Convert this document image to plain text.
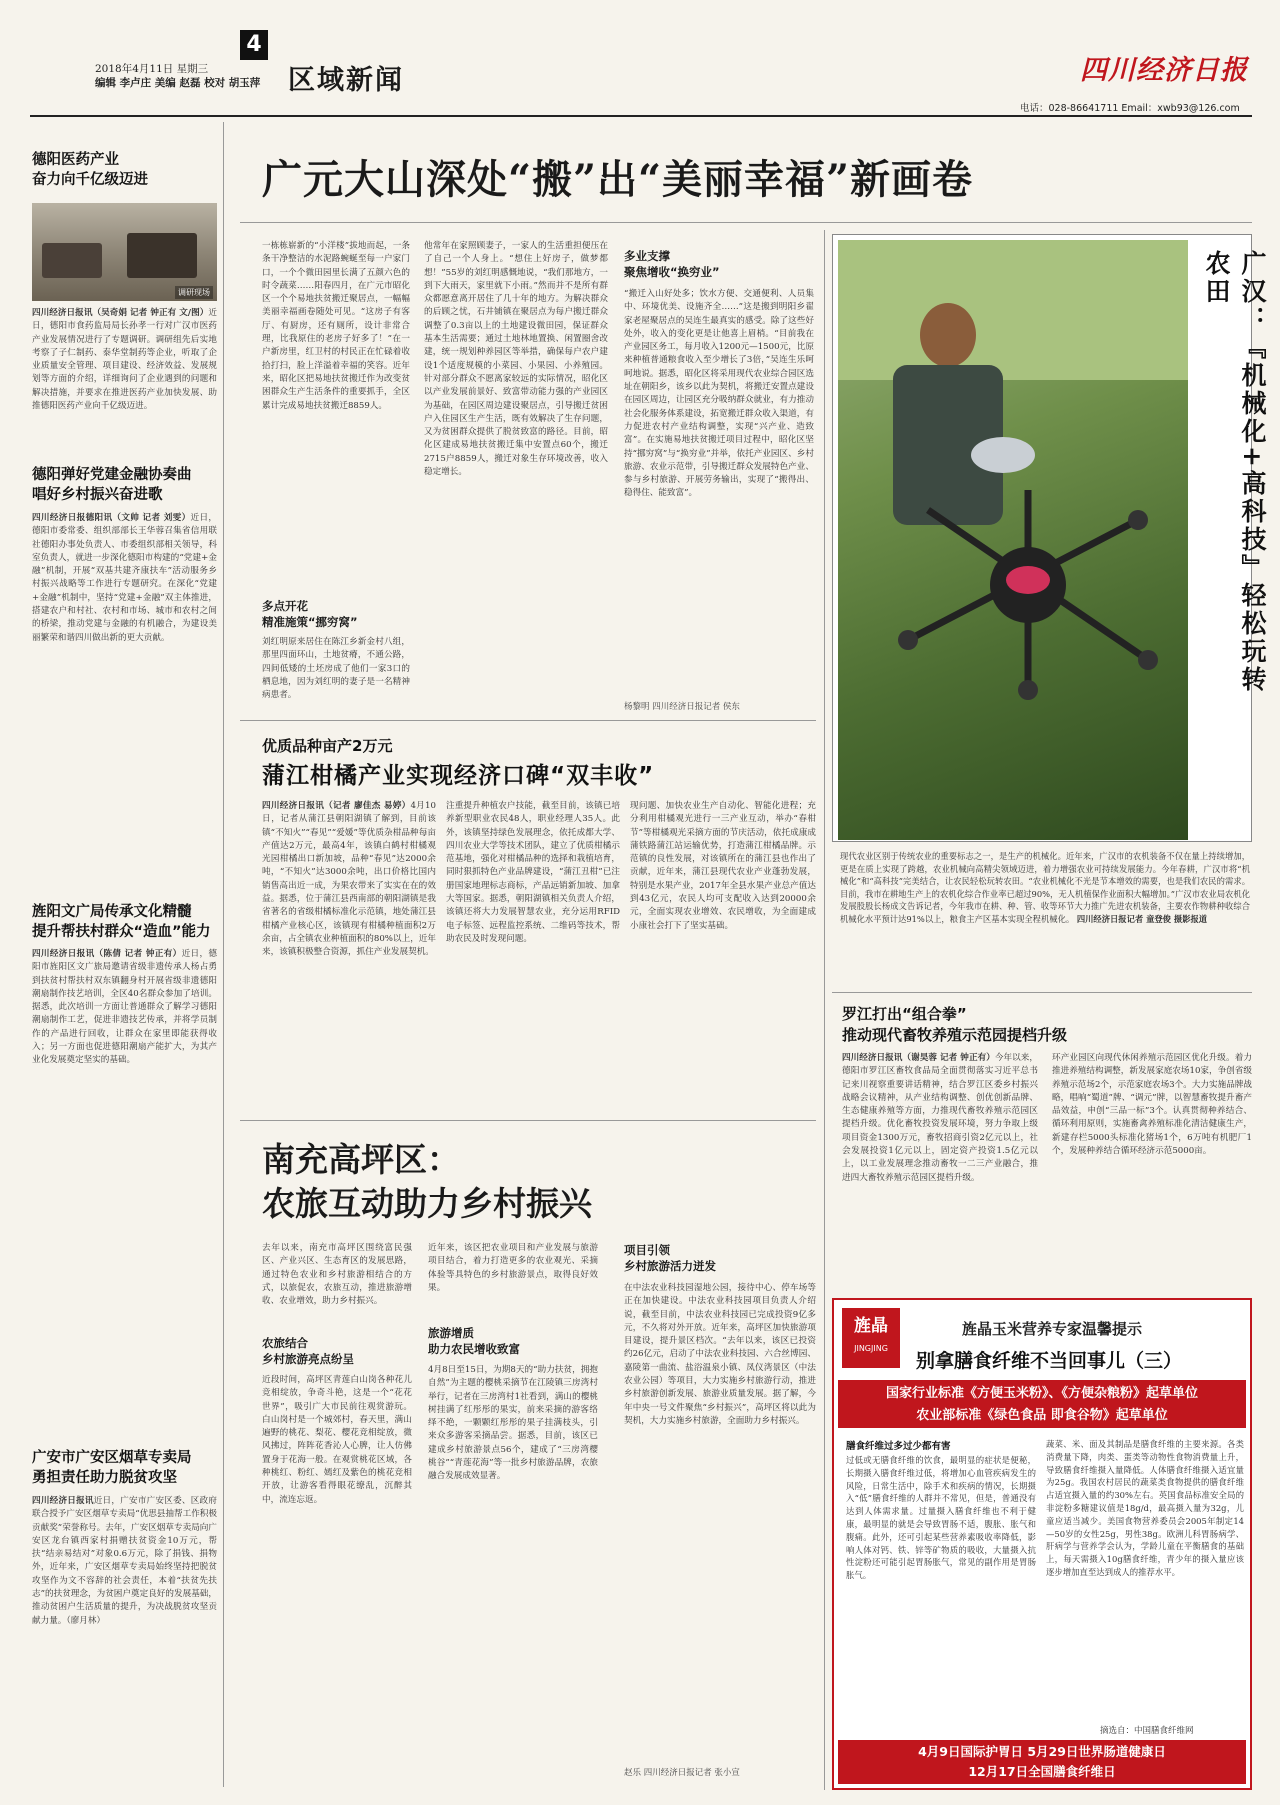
4
2018年4月11日 星期三
编辑 李卢庄 美编 赵磊 校对 胡玉萍 区域新闻	四川经济日报
电话：028-86641711 Email：xwb93@126.com
德阳医药产业
奋力向千亿级迈进
调研现场
四川经济日报讯（吴奇娟 记者 钟正有 文/图）近日，德阳市食药监局局长孙孝一行对广汉市医药产业发展情况进行了专题调研。调研组先后实地考察了子仁制药、泰华堂制药等企业，听取了企业质量安全管理、项目建设、经济效益、发展规划等方面的介绍，详细询问了企业遇到的问题和解决措施，并要求在推进医药产业加快发展、助推德阳医药产业向千亿级迈进。
德阳弹好党建金融协奏曲
唱好乡村振兴奋进歌
四川经济日报德阳讯（文帅 记者 刘雯）近日，德阳市委常委、组织部部长王华蓉召集省信用联社德阳办事处负责人、市委组织部相关领导，科室负责人，就进一步深化德阳市构建的“党建+金融”机制，开展“双基共建齐康扶车”活动服务乡村振兴战略等工作进行专题研究。在深化“党建+金融”机制中，坚持“党建+金融”双主体推进，搭建农户和村社、农村和市场、城市和农村之间的桥梁，推动党建与金融的有机融合，为建设美丽繁荣和谐四川做出新的更大贡献。
旌阳文广局传承文化精髓
提升帮扶村群众“造血”能力
四川经济日报讯（陈倩 记者 钟正有）近日，德阳市旌阳区文广旅局邀请省级非遗传承人杨占勇到扶贫村帮扶村双东镇翻身村开展省级非遗德阳潮扇制作技艺培训，全区40名群众参加了培训。据悉，此次培训一方面让普通群众了解学习德阳潮扇制作工艺，促进非遗技艺传承，并将学员制作的产品进行回收，让群众在家里即能获得收入；另一方面也促进德阳潮扇产能扩大，为其产业化发展奠定坚实的基础。
广安市广安区烟草专卖局
勇担责任助力脱贫攻坚
四川经济日报讯近日，广安市广安区委、区政府联合授予广安区烟草专卖局“优思县抽帮工作积极贡献奖”荣誉称号。去年，广安区烟草专卖局向广安区龙台镇西家村捐赠扶贫资金10万元，帮扶“结亲易结对”对象0.6万元，除了捐钱、捐物外，近年来，广安区烟草专卖局始终坚持把脱贫攻坚作为文不容辞的社会责任，本着“扶贫先扶志”的扶贫理念，为贫困户奠定良好的发展基础，推动贫困户生活质量的提升，为决战脱贫攻坚贡献力量。（廖月林）
广元大山深处“搬”出“美丽幸福”新画卷
一栋栋崭新的“小洋楼”拔地而起，一条条干净整洁的水泥路蜿蜒至每一户家门口，一个个微田园里长满了五颜六色的时令蔬菜……阳春四月，在广元市昭化区一个个易地扶贫搬迁聚居点，一幅幅美丽幸福画卷随处可见。“这房子有客厅、有厨房，还有厕所，设计非常合理，比我原住的老房子好多了！”在一户新房里，红卫村的村民正在忙碌着收拾打扫，脸上洋溢着幸福的笑容。近年来，昭化区把易地扶贫搬迁作为改变贫困群众生产生活条件的重要抓手，全区累计完成易地扶贫搬迁8859人。
多点开花
精准施策“挪穷窝”
刘红明原来居住在陈江乡新金村八组，那里四面环山，土地贫瘠，不通公路，四间低矮的土坯房成了他们一家3口的栖息地，因为刘红明的妻子是一名精神病患者。
他常年在家照顾妻子，一家人的生活重担便压在了自己一个人身上。“想住上好房子，做梦都想！”55岁的刘红明感慨地说，“我们那地方，一到下大雨天，家里就下小雨。”然而并不是所有群众都愿意离开居住了几十年的地方。为解决群众的后顾之忧，石井铺镇在聚居点为每户搬迁群众调整了0.3亩以上的土地建设微田园，保证群众基本生活需要；通过土地林地置换、闲置圈舍改建，统一规划种养园区等举措，确保每户农户建设1个适度规模的小菜园、小果园、小养殖园。针对部分群众不愿离家较远的实际情况，昭化区以产业发展前景好、致富带动能力强的产业园区为基础，在园区周边建设聚居点，引导搬迁贫困户入住园区生产生活，既有效解决了生存问题，又为贫困群众提供了脱贫致富的路径。目前，昭化区建成易地扶贫搬迁集中安置点60个，搬迁2715户8859人，搬迁对象生存环境改善，收入稳定增长。
多业支撑
聚焦增收“换穷业”
“搬迁入山好处多；饮水方便、交通便利、人员集中、环境优美、设施齐全……”这是搬到明阳乡翟家老屋聚居点的吴连生最真实的感受。除了这些好处外，收入的变化更是让他喜上眉梢。“目前我在产业园区务工，每月收入1200元—1500元，比原来种植普通粮食收入至少增长了3倍，”吴连生乐呵呵地说。据悉，昭化区将采用现代农业综合园区选址在朝阳乡，该乡以此为契机，将搬迁安置点建设在园区周边，让园区充分吸纳群众就业，有力推动社会化服务体系建设，拓宽搬迁群众收入渠道，有力促进农村产业结构调整，实现“兴产业、造致富”。在实施易地扶贫搬迁项目过程中，昭化区坚持“挪穷窝”与“换穷业”并举，依托产业园区、乡村旅游、农业示范带，引导搬迁群众发展特色产业、参与乡村旅游、开展劳务输出，实现了“搬得出、稳得住、能致富”。
杨黎明 四川经济日报记者 侯东
优质品种亩产2万元
蒲江柑橘产业实现经济口碑“双丰收”
四川经济日报讯（记者 廖佳杰 易婷）4月10日，记者从蒲江县朝阳湖镇了解到，目前该镇“不知火”“春见”“爱媛”等优质杂柑品种每亩产值达2万元，最高4年，该镇白鹤村柑橘观光园柑橘出口新加坡，品种“春见”达2000余吨，“不知火”达3000余吨，出口价格比国内销售高出近一成，为果农带来了实实在在的效益。据悉，位于蒲江县西南部的朝阳湖镇是我省著名的省级柑橘标准化示范镇，地处蒲江县柑橘产业核心区，该镇现有柑橘种植面积2万余亩，占全镇农业种植面积的80%以上，近年来，该镇积极整合资源，抓住产业发展契机。
注重提升种植农户技能，截至目前，该镇已培养新型职业农民48人，职业经理人35人。此外，该镇坚持绿色发展理念，依托成都大学、四川农业大学等技术团队，建立了优质柑橘示范基地，强化对柑橘品种的选择和栽植培育，同时狠抓特色产业品牌建设，“蒲江丑柑”已注册国家地理标志商标，产品远销新加坡、加拿大等国家。据悉，朝阳湖镇相关负责人介绍，该镇还将大力发展智慧农业，充分运用RFID电子标签、远程监控系统、二维码等技术，帮助农民及时发现问题。
现问题、加快农业生产自动化、智能化进程；充分利用柑橘观光进行一三产业互动，举办“春柑节”等柑橘观光采摘方面的节庆活动，依托成康成蒲铁路蒲江站运输优势，打造蒲江柑橘品牌。示范镇的良性发展，对该镇所在的蒲江县也作出了贡献，近年来，蒲江县现代农业产业蓬勃发展，特别是水果产业，2017年全县水果产业总产值达到43亿元，农民人均可支配收入达到20000余元，全面实现农业增效、农民增收，为全面建成小康社会打下了坚实基础。
南充高坪区：
农旅互动助力乡村振兴
去年以来，南充市高坪区围绕富民强区、产业兴区、生态育区的发展思路，通过特色农业和乡村旅游相结合的方式，以旅促农，农旅互动，推进旅游增收、农业增效，助力乡村振兴。
农旅结合
乡村旅游亮点纷呈
近段时间，高坪区青莲白山岗各种花儿竞相绽放，争奇斗艳，这是一个“花花世界”，吸引广大市民前往观赏游玩。白山岗村是一个城郊村，春天里，满山遍野的桃花、梨花、樱花竞相绽放，微风拂过，阵阵花香沁人心脾，让人仿佛置身于花海一般。在观赏桃花区域，各种桃红、粉红、嫣红及紫色的桃花竞相开放，让游客看得眼花缭乱，沉醉其中，流连忘返。
近年来，该区把农业项目和产业发展与旅游项目结合，着力打造更多的农业观光、采摘体验等具特色的乡村旅游景点，取得良好效果。
旅游增质
助力农民增收致富
4月8日至15日，为期8天的“助力扶贫，拥抱自然”为主题的樱桃采摘节在江陵镇三房湾村举行，记者在三房湾村1社看到，满山的樱桃树挂满了红彤彤的果实，前来采摘的游客络绎不绝，一颗颗红彤彤的果子挂满枝头，引来众多游客采摘品尝。据悉，目前，该区已建成乡村旅游景点56个，建成了“三房湾樱桃谷”“青莲花海”等一批乡村旅游品牌，农旅融合发展成效显著。
项目引领
乡村旅游活力迸发
在中法农业科技园湿地公园，接待中心、停车场等正在加快建设。中法农业科技园项目负责人介绍说，截至目前，中法农业科技园已完成投资9亿多元，不久将对外开放。近年来，高坪区加快旅游项目建设，提升景区档次。“去年以来，该区已投资约26亿元，启动了中法农业科技园、六合丝博园、嘉陵第一曲流、盐浴温泉小镇、凤仪湾景区（中法农业公园）等项目，大力实施乡村旅游行动，推进乡村旅游创新发展、旅游业质量发展。据了解，今年中央一号文件聚焦“乡村振兴”，高坪区将以此为契机，大力实施乡村旅游，全面助力乡村振兴。
赵乐 四川经济日报记者 张小宣
广汉：『机械化+高科技』轻松玩转农田
现代农业区别于传统农业的重要标志之一，是生产的机械化。近年来，广汉市的农机装备不仅在量上持续增加，更是在质上实现了跨越，农业机械向高精尖领域迈进，着力增强农业可持续发展能力。今年春耕，广汉市将“机械化”和“高科技”完美结合，让农民轻松玩转农田。“农业机械化不光是节本增效的需要，也是我们农民的需求。目前，我市在耕地生产上的农机化综合作业率已超过90%，无人机植保作业面积大幅增加。”广汉市农业局农机化发展股股长杨成文告诉记者，今年我市在耕、种、管、收等环节大力推广先进农机装备，主要农作物耕种收综合机械化水平预计达91%以上，粮食主产区基本实现全程机械化。 四川经济日报记者 童登俊 摄影报道
罗江打出“组合拳”
推动现代畜牧养殖示范园提档升级
四川经济日报讯（谢昊蓉 记者 钟正有）今年以来，德阳市罗江区畜牧食品局全面贯彻落实习近平总书记来川视察重要讲话精神，结合罗江区委乡村振兴战略会议精神，从产业结构调整、创优创新品牌、生态健康养殖等方面，力推现代畜牧养殖示范园区提档升级。优化畜牧投资发展环境，努力争取上级项目资金1300万元，畜牧招商引资2亿元以上，社会发展投资1亿元以上，固定资产投资1.5亿元以上，以工业发展理念推动畜牧一二三产业融合，推进四大畜牧养殖示范园区提档升级。
环产业园区向现代休闲养殖示范园区优化升级。着力推进养殖结构调整，新发展家庭农场10家，争创省级养殖示范场2个，示范家庭农场3个。大力实施品牌战略，唱响“蜀道”牌、“调元”牌，以智慧畜牧提升畜产品效益，申创“三品一标”3个。认真贯彻种养结合、循环利用原则，实施畜禽养殖标准化清洁健康生产，新建存栏5000头标准化猪场1个，6万吨有机肥厂1个，发展种养结合循环经济示范5000亩。
旌晶
JINGJING
旌晶玉米营养专家温馨提示
别拿膳食纤维不当回事儿（三）
国家行业标准《方便玉米粉》、《方便杂粮粉》起草单位
农业部标准《绿色食品 即食谷物》起草单位
膳食纤维过多过少都有害
过低或无膳食纤维的饮食，最明显的症状是便秘，长期摄入膳食纤维过低，将增加心血管疾病发生的风险，日常生活中，除手术和疾病的情况，长期摄入“低”膳食纤维的人群并不常见，但是，普通没有达到人体需求量。过量摄入膳食纤维也不利于健康，最明显的就是会导致胃肠不适，腹胀、胀气和腹痛。此外，还可引起某些营养素吸收率降低，影响人体对钙、铁、锌等矿物质的吸收，大量摄入抗性淀粉还可能引起胃肠胀气，常见的副作用是胃肠胀气。
蔬菜、米、面及其制品是膳食纤维的主要来源。各类消费量下降，肉类、蛋类等动物性食物消费量上升，导致膳食纤维摄入量降低。人体膳食纤维摄入适宜量为25g。我国农村居民的蔬菜类食物提供的膳食纤维占适宜摄入量的约30%左右。英国食品标准安全局的非淀粉多糖建议值是18g/d，最高摄入量为32g，儿童应适当减少。美国食物营养委员会2005年制定14—50岁的女性25g，男性38g。欧洲儿科胃肠病学、肝病学与营养学会认为，学龄儿童在平衡膳食的基础上，每天需摄入10g膳食纤维，青少年的摄入量应该逐步增加直至达到成人的推荐水平。
摘选自：中国膳食纤维网
4月9日国际护胃日 5月29日世界肠道健康日
12月17日全国膳食纤维日
